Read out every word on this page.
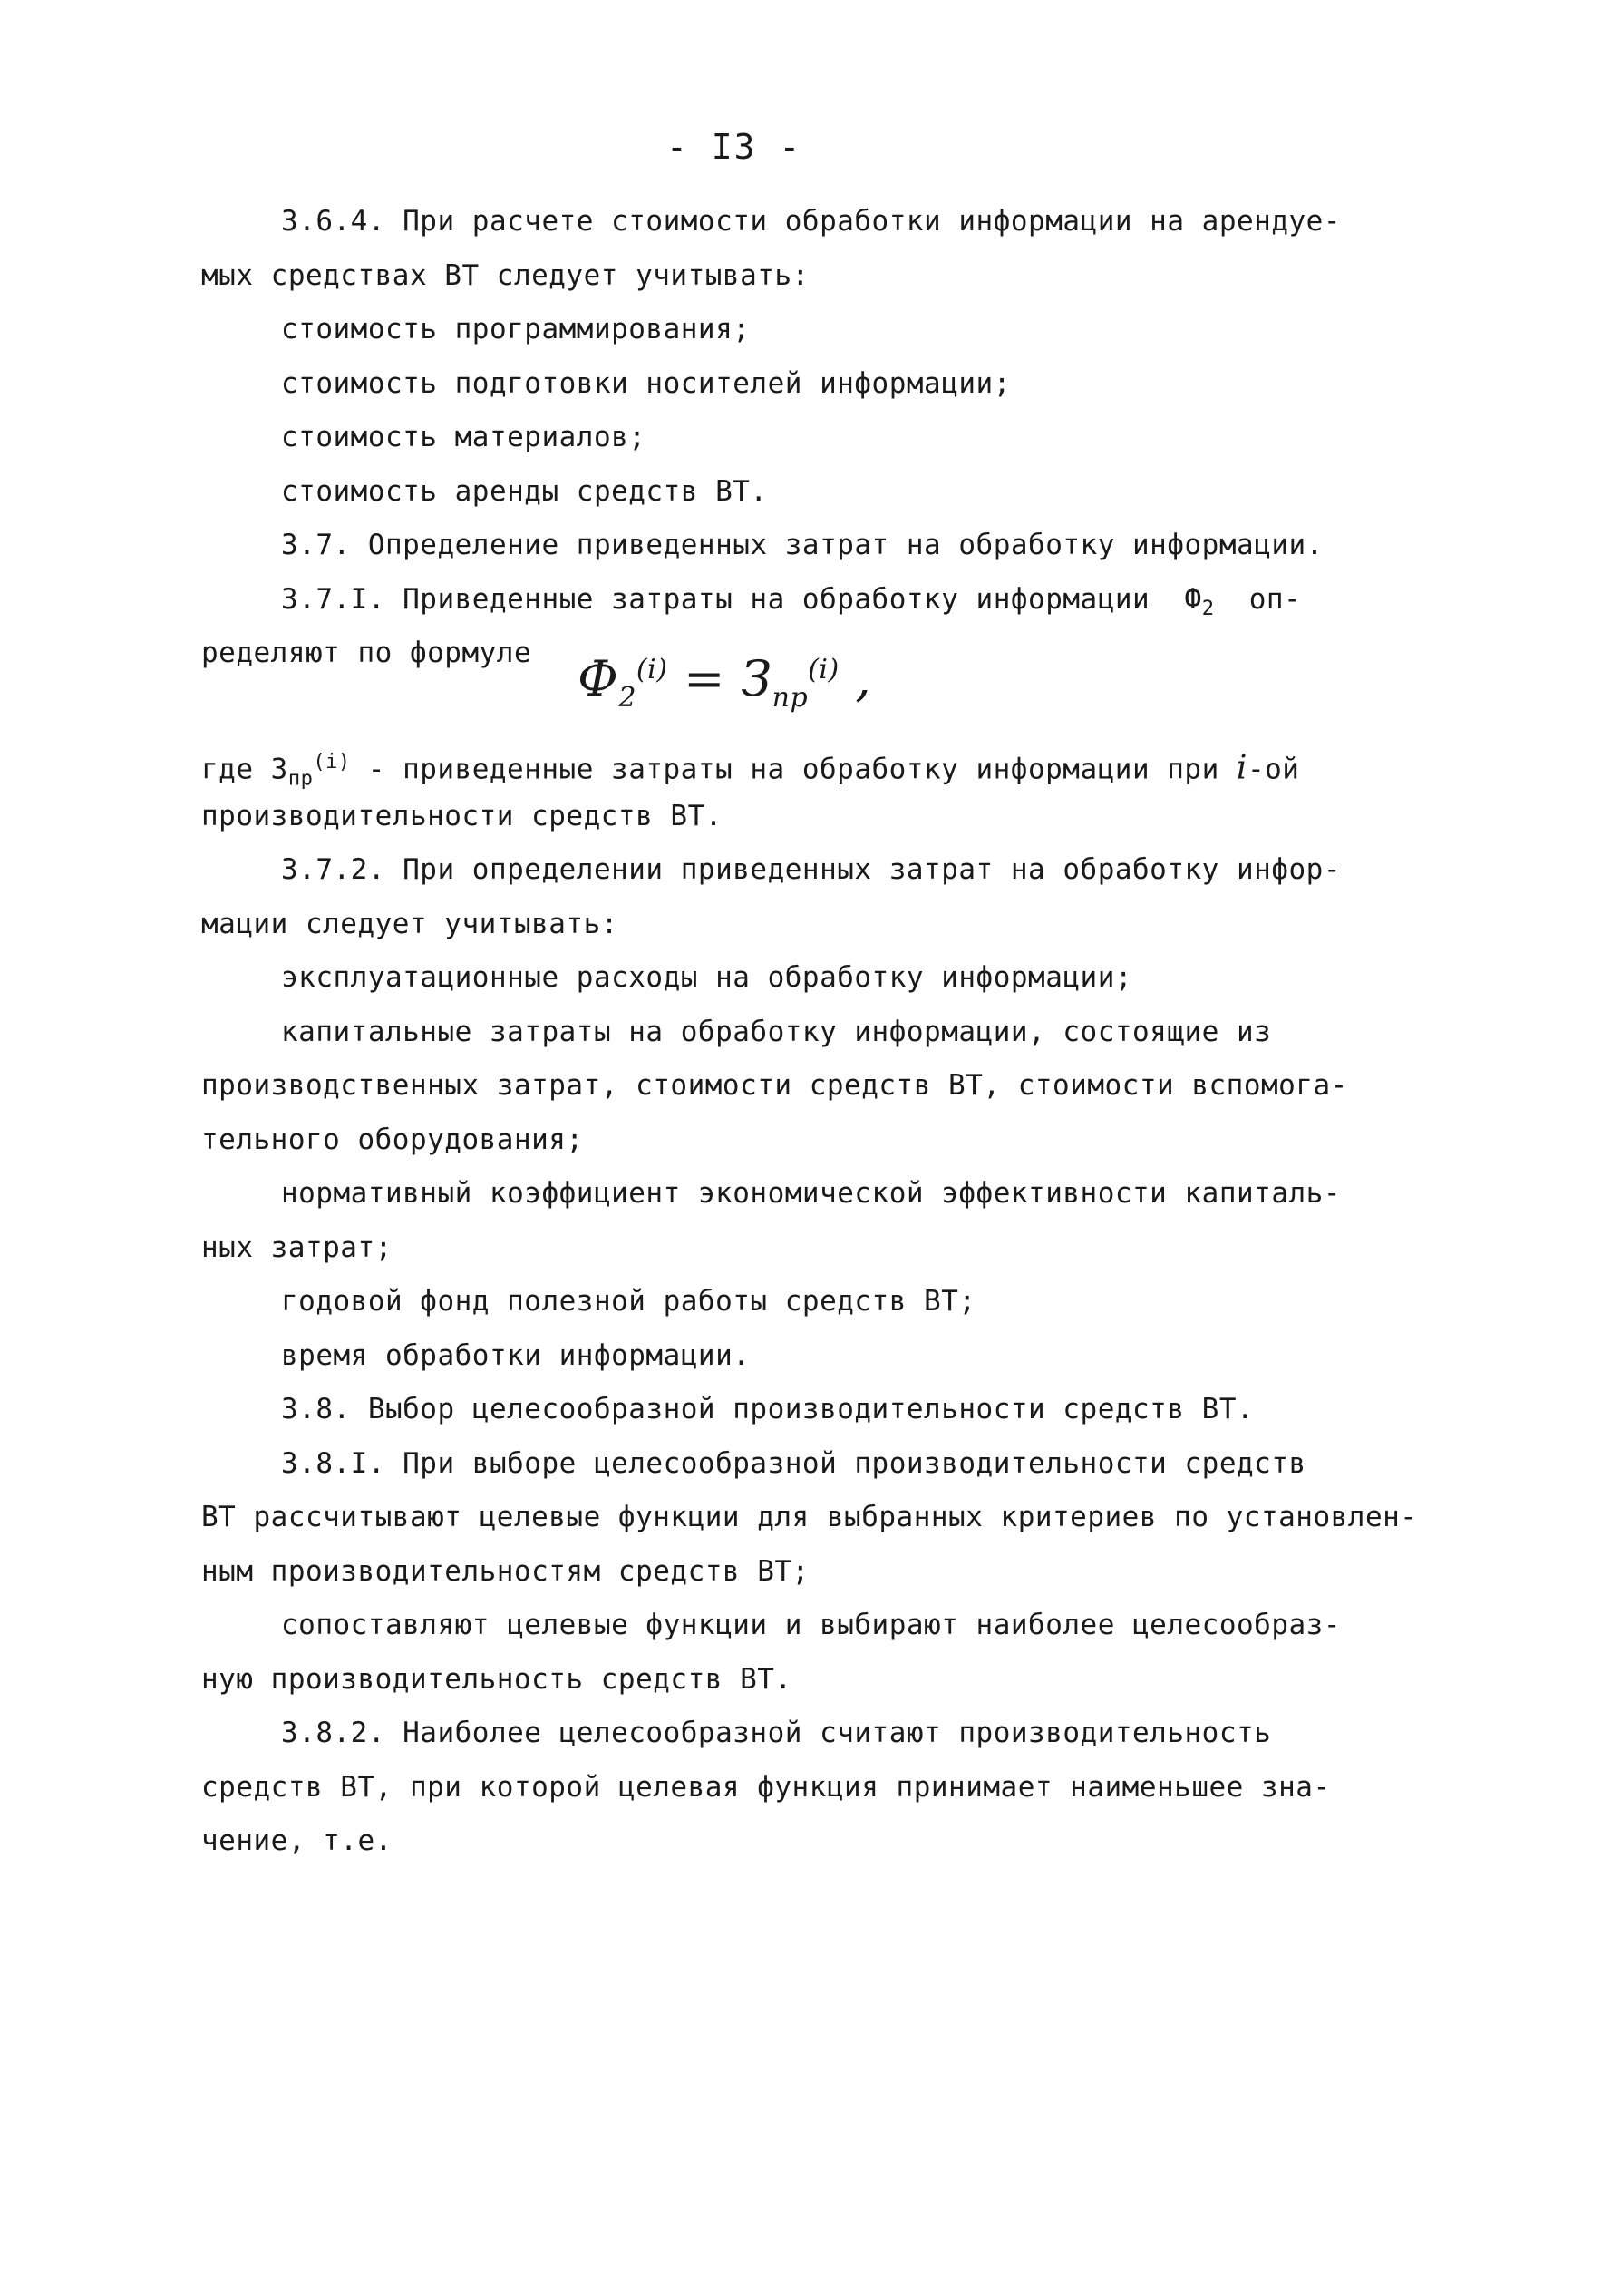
- I3 -
3.6.4. При расчете стоимости обработки информации на арендуе-
мых средствах ВТ следует учитывать:
стоимость программирования;
стоимость подготовки носителей информации;
стоимость материалов;
стоимость аренды средств ВТ.
3.7. Определение приведенных затрат на обработку информации.
3.7.I. Приведенные затраты на обработку информации $Ф_2$ оп-
ределяют по формуле $Ф_2^{(i)} = З_{пр}^{(i)}$ ,
где $З_{пр}^{(i)}$ - приведенные затраты на обработку информации при i-ой
производительности средств ВТ.
3.7.2. При определении приведенных затрат на обработку инфор-
мации следует учитывать:
эксплуатационные расходы на обработку информации;
капитальные затраты на обработку информации, состоящие из
производственных затрат, стоимости средств ВТ, стоимости вспомога-
тельного оборудования;
нормативный коэффициент экономической эффективности капиталь-
ных затрат;
годовой фонд полезной работы средств ВТ;
время обработки информации.
3.8. Выбор целесообразной производительности средств ВТ.
3.8.I. При выборе целесообразной производительности средств
ВТ рассчитывают целевые функции для выбранных критериев по установлен-
ным производительностям средств ВТ;
сопоставляют целевые функции и выбирают наиболее целесообраз-
ную производительность средств ВТ.
3.8.2. Наиболее целесообразной считают производительность
средств ВТ, при которой целевая функция принимает наименьшее зна-
чение, т.е.
